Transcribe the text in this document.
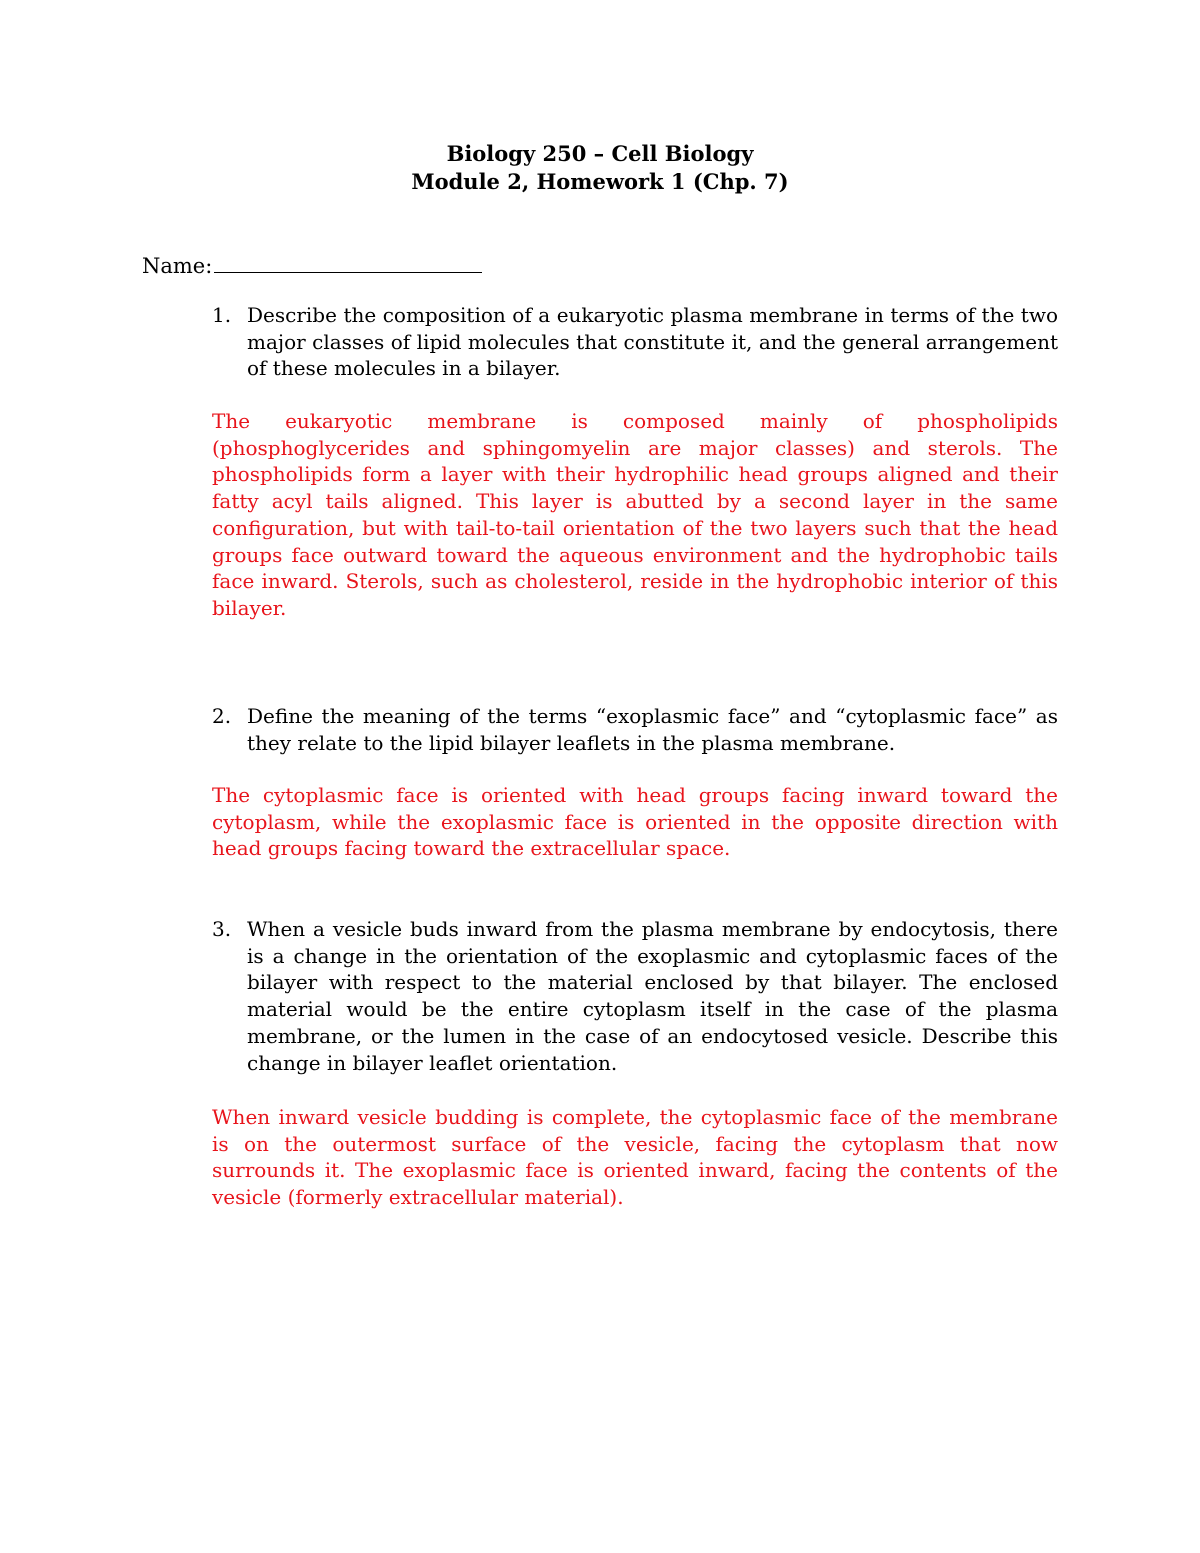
Biology 250 – Cell Biology
Module 2, Homework 1 (Chp. 7)
Name:
1. Describe the composition of a eukaryotic plasma membrane in terms of the two major classes of lipid molecules that constitute it, and the general arrangement of these molecules in a bilayer.
The eukaryotic membrane is composed mainly of phospholipids (phosphoglycerides and sphingomyelin are major classes) and sterols. The phospholipids form a layer with their hydrophilic head groups aligned and their fatty acyl tails aligned. This layer is abutted by a second layer in the same configuration, but with tail-to-tail orientation of the two layers such that the head groups face outward toward the aqueous environment and the hydrophobic tails face inward. Sterols, such as cholesterol, reside in the hydrophobic interior of this bilayer.
2. Define the meaning of the terms “exoplasmic face” and “cytoplasmic face” as they relate to the lipid bilayer leaflets in the plasma membrane.
The cytoplasmic face is oriented with head groups facing inward toward the cytoplasm, while the exoplasmic face is oriented in the opposite direction with head groups facing toward the extracellular space.
3. When a vesicle buds inward from the plasma membrane by endocytosis, there is a change in the orientation of the exoplasmic and cytoplasmic faces of the bilayer with respect to the material enclosed by that bilayer. The enclosed material would be the entire cytoplasm itself in the case of the plasma membrane, or the lumen in the case of an endocytosed vesicle. Describe this change in bilayer leaflet orientation.
When inward vesicle budding is complete, the cytoplasmic face of the membrane is on the outermost surface of the vesicle, facing the cytoplasm that now surrounds it. The exoplasmic face is oriented inward, facing the contents of the vesicle (formerly extracellular material).
